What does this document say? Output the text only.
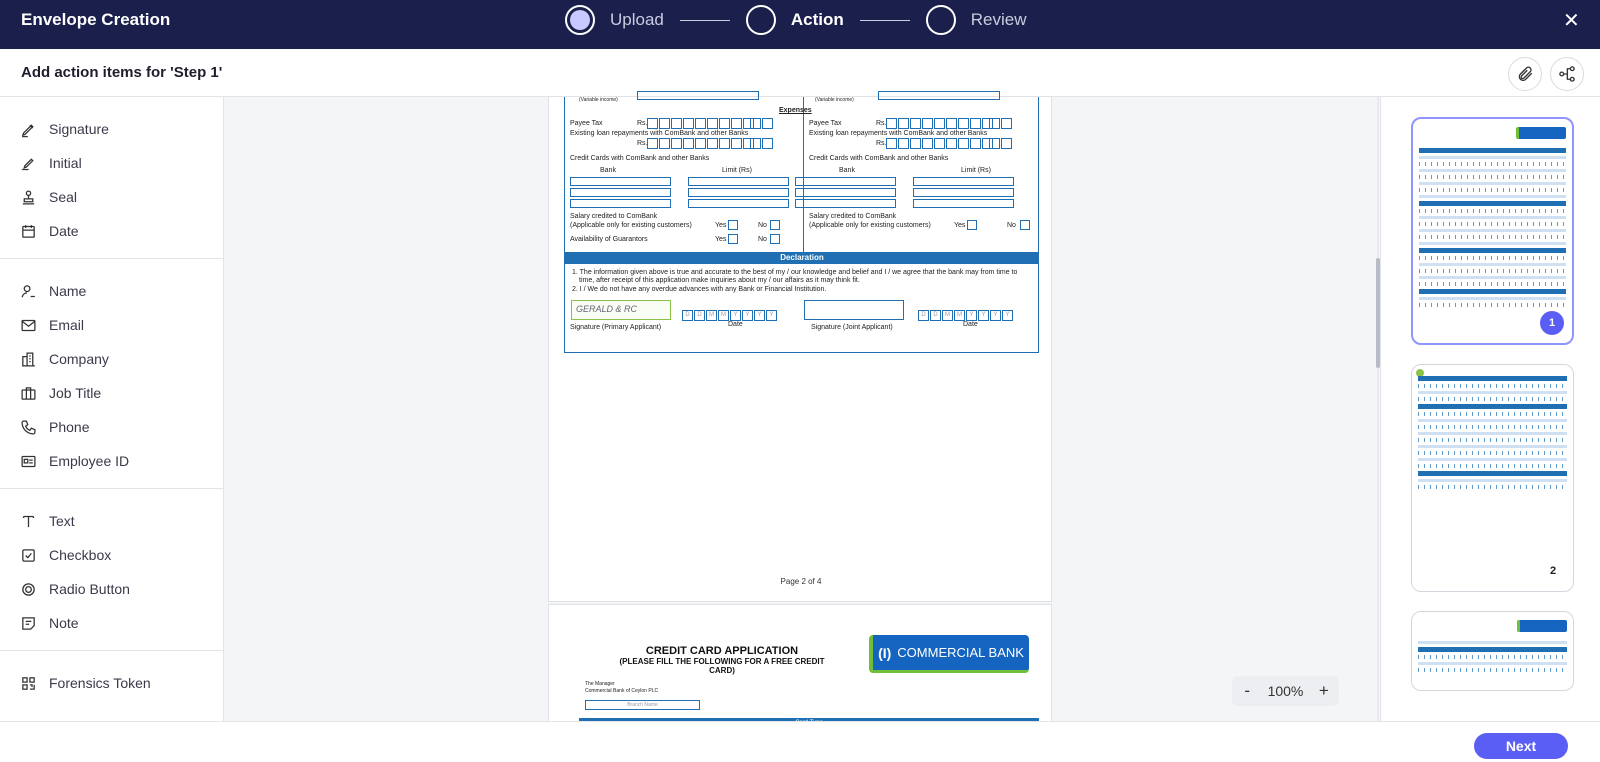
Envelope Creation	Upload	Action	Review	✕
Add action items for 'Step 1'
Signature
Initial
Seal
Date
Name
Email
Company
Job Title
Phone
Employee ID
Text
Checkbox
Radio Button
Note
Forensics Token
(Variable income)	(Variable income)
Expenses
Payee Tax	Rs.
Existing loan repayments with ComBank and other Banks
Rs.
Payee Tax	Rs.
Existing loan repayments with ComBank and other Banks
Rs.
Credit Cards with ComBank and other Banks
Bank	Limit (Rs)
Credit Cards with ComBank and other Banks
Bank	Limit (Rs)
Salary credited to ComBank
(Applicable only for existing customers)	Yes	No
Availability of Guarantors	Yes	No
Salary credited to ComBank
(Applicable only for existing customers)	Yes	No
Declaration
1. The information given above is true and accurate to the best of my / our knowledge and belief and I / we agree that the bank may from time to
time, after receipt of this application make inquiries about my / our affairs as it may think fit.
2. I / We do not have any overdue advances with any Bank or Financial Institution.
GERALD & RC
Signature (Primary Applicant)
D	D	M	M	Y	Y	Y	Y
Date	Signature (Joint Applicant)
D	D	M	M	Y	Y	Y	Y
Date
Page 2 of 4
CREDIT CARD APPLICATION
(PLEASE FILL THE FOLLOWING FOR A FREE CREDIT CARD)
(I) COMMERCIAL BANK
The Manager
Commercial Bank of Ceylon PLC
Branch Name
-	100% +
1
2
Next
